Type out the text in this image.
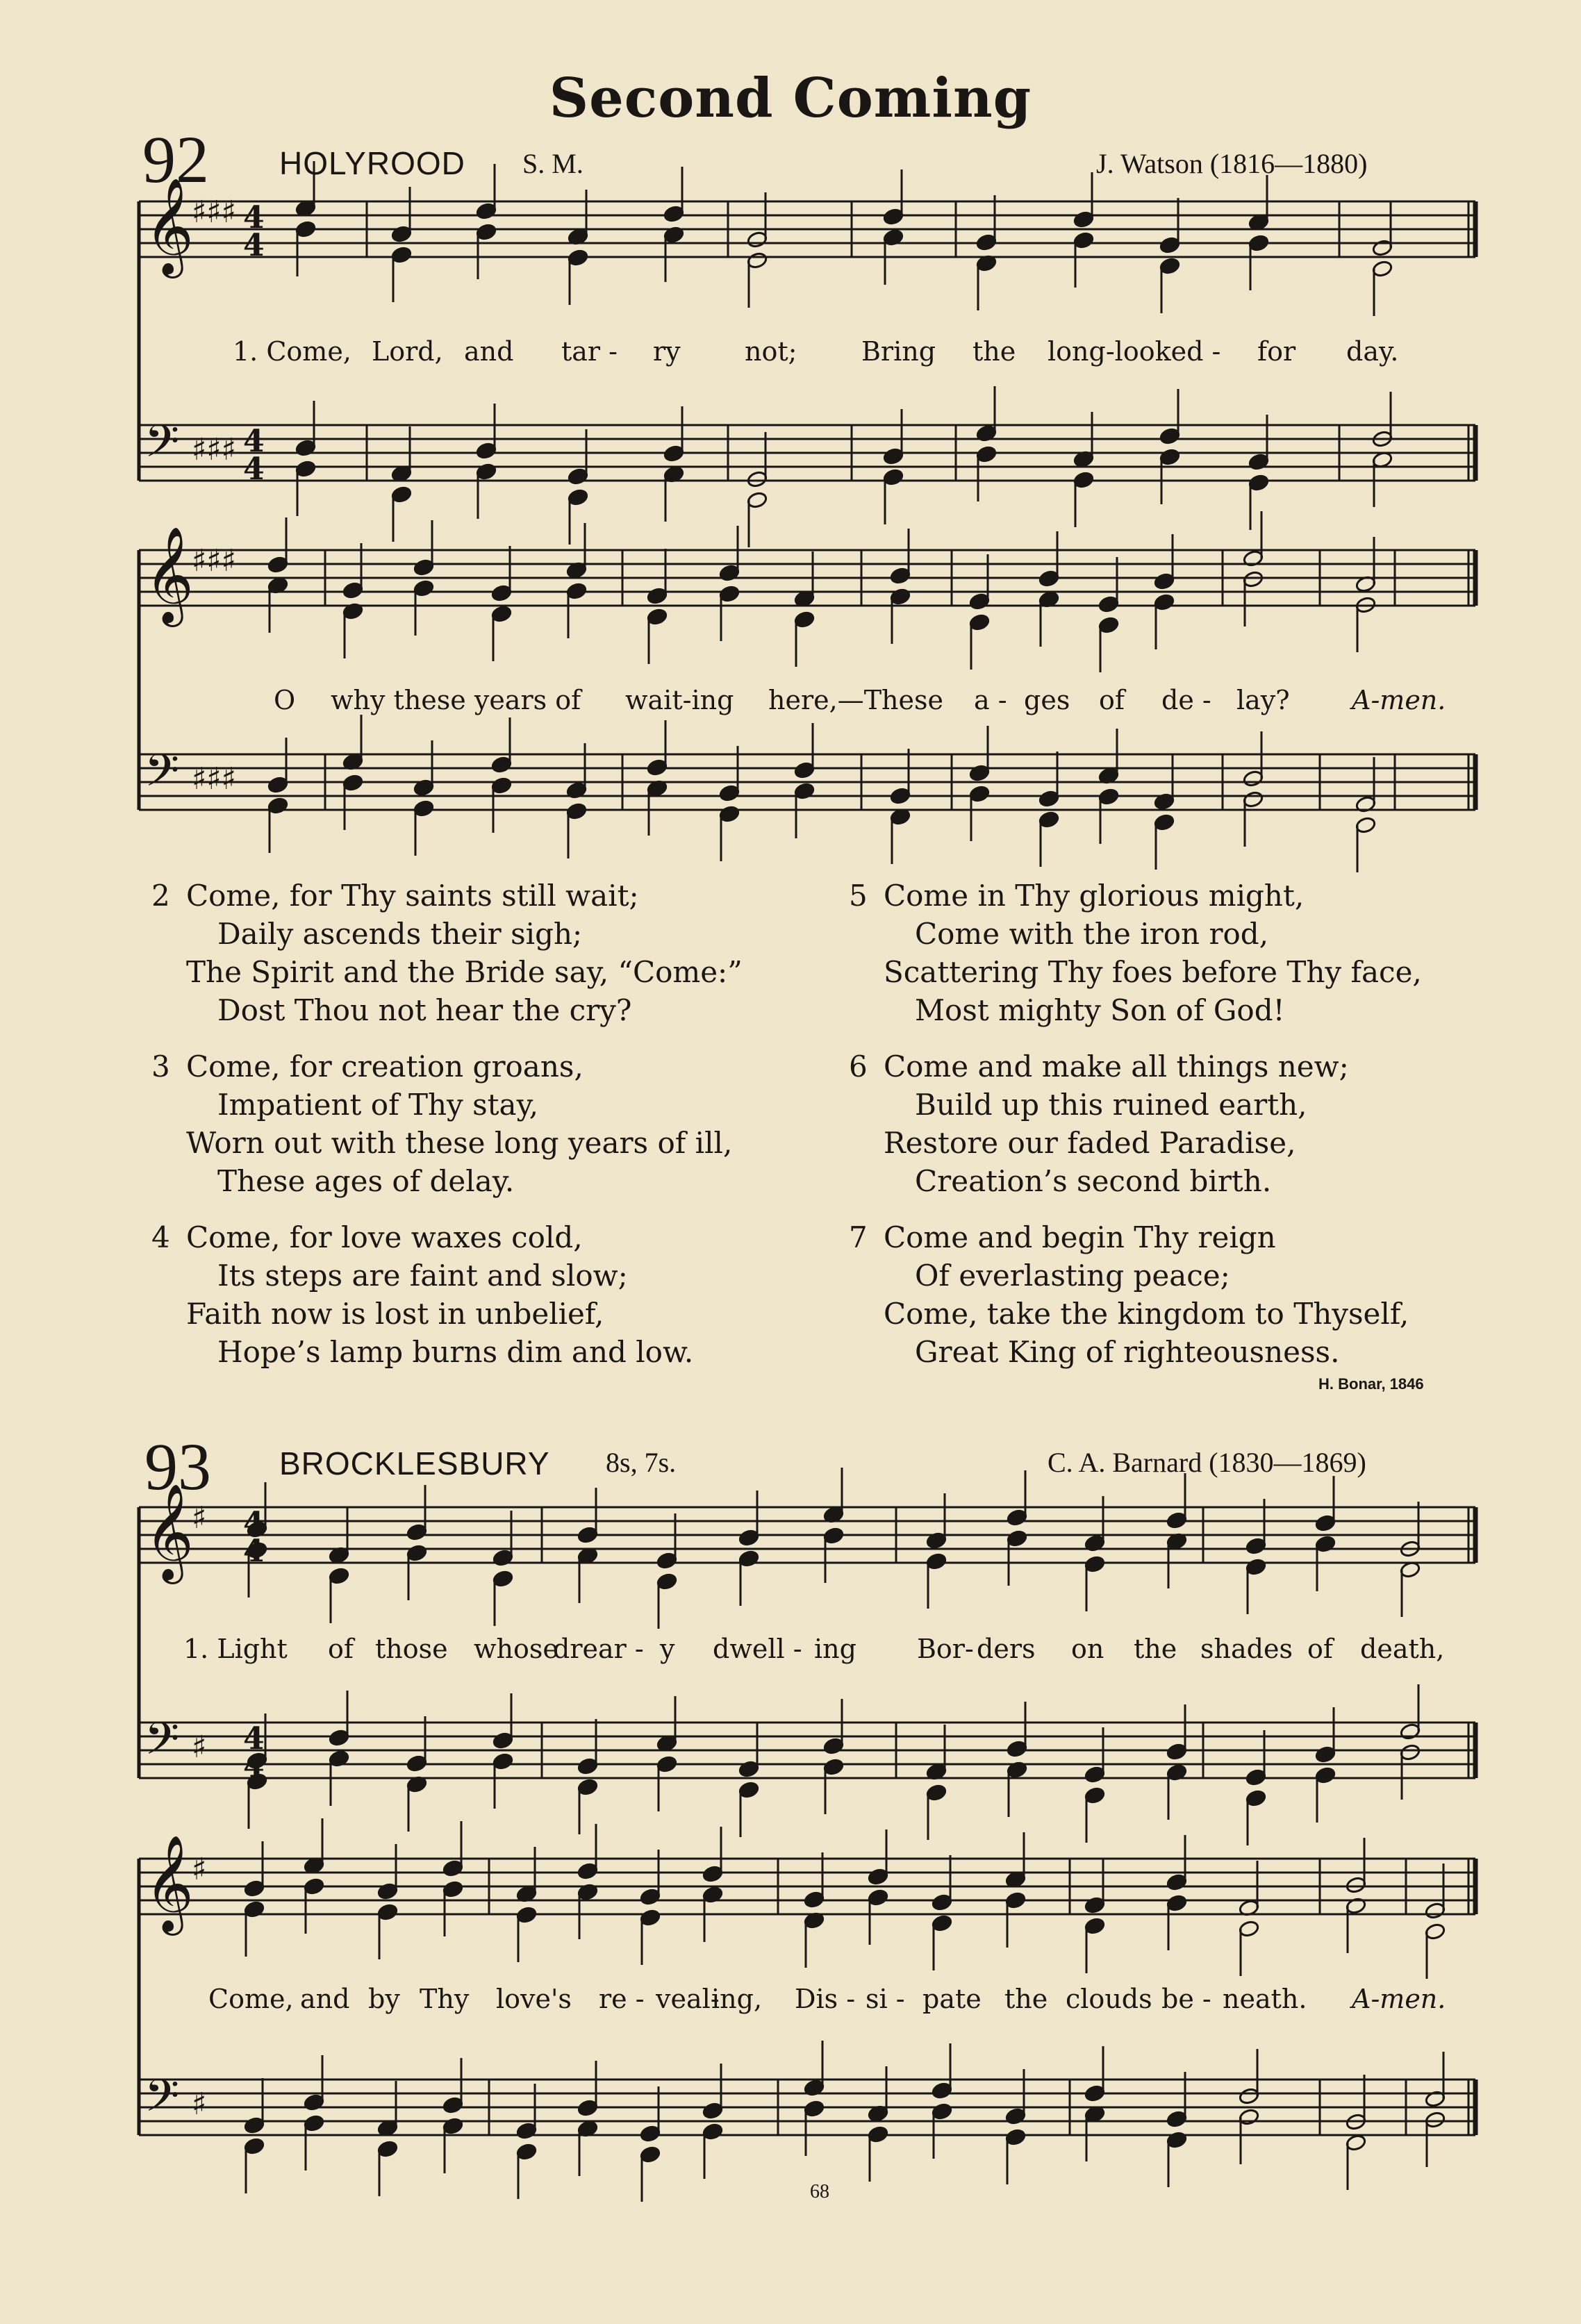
Second Coming
92 HOLYROOD S. M.	J. Watson (1816—1880)
𝄞
♯♯♯
𝄢 ♯♯♯
𝄞
♯♯♯
𝄢 ♯♯♯
𝄞
♯
𝄢 ♯
𝄞
♯
𝄢 ♯
4
4
4
4
4
4
4
4
1. Come, Lord, and tar - ry not; Bring the long-looked - for day.
O why these years of wait-ing here,—These a - ges of de - lay? A-men.
2 Come, for Thy saints still wait;
Daily ascends their sigh;
The Spirit and the Bride say, “Come:”
Dost Thou not hear the cry?
3 Come, for creation groans,
Impatient of Thy stay,
Worn out with these long years of ill,
These ages of delay.
4 Come, for love waxes cold,
Its steps are faint and slow;
Faith now is lost in unbelief,
Hope’s lamp burns dim and low.
5 Come in Thy glorious might,
Come with the iron rod,
Scattering Thy foes before Thy face,
Most mighty Son of God!
6 Come and make all things new;
Build up this ruined earth,
Restore our faded Paradise,
Creation’s second birth.
7 Come and begin Thy reign
Of everlasting peace;
Come, take the kingdom to Thyself,
Great King of righteousness.
H. Bonar, 1846
93 BROCKLESBURY 8s, 7s.	C. A. Barnard (1830—1869)
1. Light of those whose
drear - y dwell - ing Bor- ders on the shades of death,
Come, and by Thy love's re - veal-
ing, Dis - si - pate the clouds be - neath. A-men.
68
